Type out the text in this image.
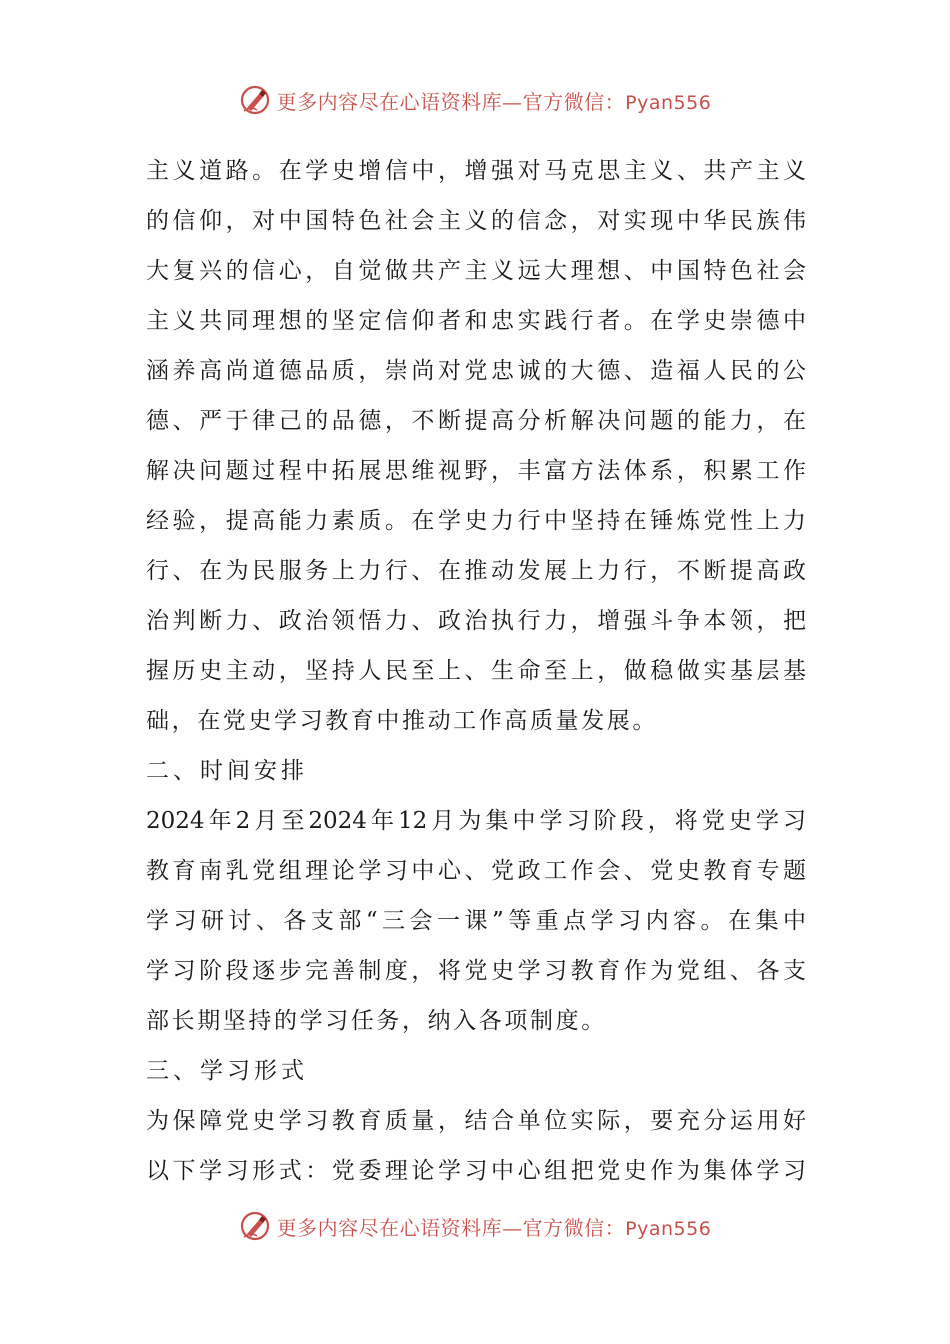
更多内容尽在心语资料库—官方微信：Pyan556
主义道路。在学史增信中，增强对马克思主义、共产主义
的信仰，对中国特色社会主义的信念，对实现中华民族伟
大复兴的信心，自觉做共产主义远大理想、中国特色社会
主义共同理想的坚定信仰者和忠实践行者。在学史崇德中
涵养高尚道德品质，崇尚对党忠诚的大德、造福人民的公
德、严于律己的品德，不断提高分析解决问题的能力，在
解决问题过程中拓展思维视野，丰富方法体系，积累工作
经验，提高能力素质。在学史力行中坚持在锤炼党性上力
行、在为民服务上力行、在推动发展上力行，不断提高政
治判断力、政治领悟力、政治执行力，增强斗争本领，把
握历史主动，坚持人民至上、生命至上，做稳做实基层基
础，在党史学习教育中推动工作高质量发展。
二、时间安排
2024年2月至2024年12月为集中学习阶段，将党史学习
教育南乳党组理论学习中心、党政工作会、党史教育专题
学习研讨、各支部“三会一课”等重点学习内容。在集中
学习阶段逐步完善制度，将党史学习教育作为党组、各支
部长期坚持的学习任务，纳入各项制度。
三、学习形式
为保障党史学习教育质量，结合单位实际，要充分运用好
以下学习形式：党委理论学习中心组把党史作为集体学习
更多内容尽在心语资料库—官方微信：Pyan556
